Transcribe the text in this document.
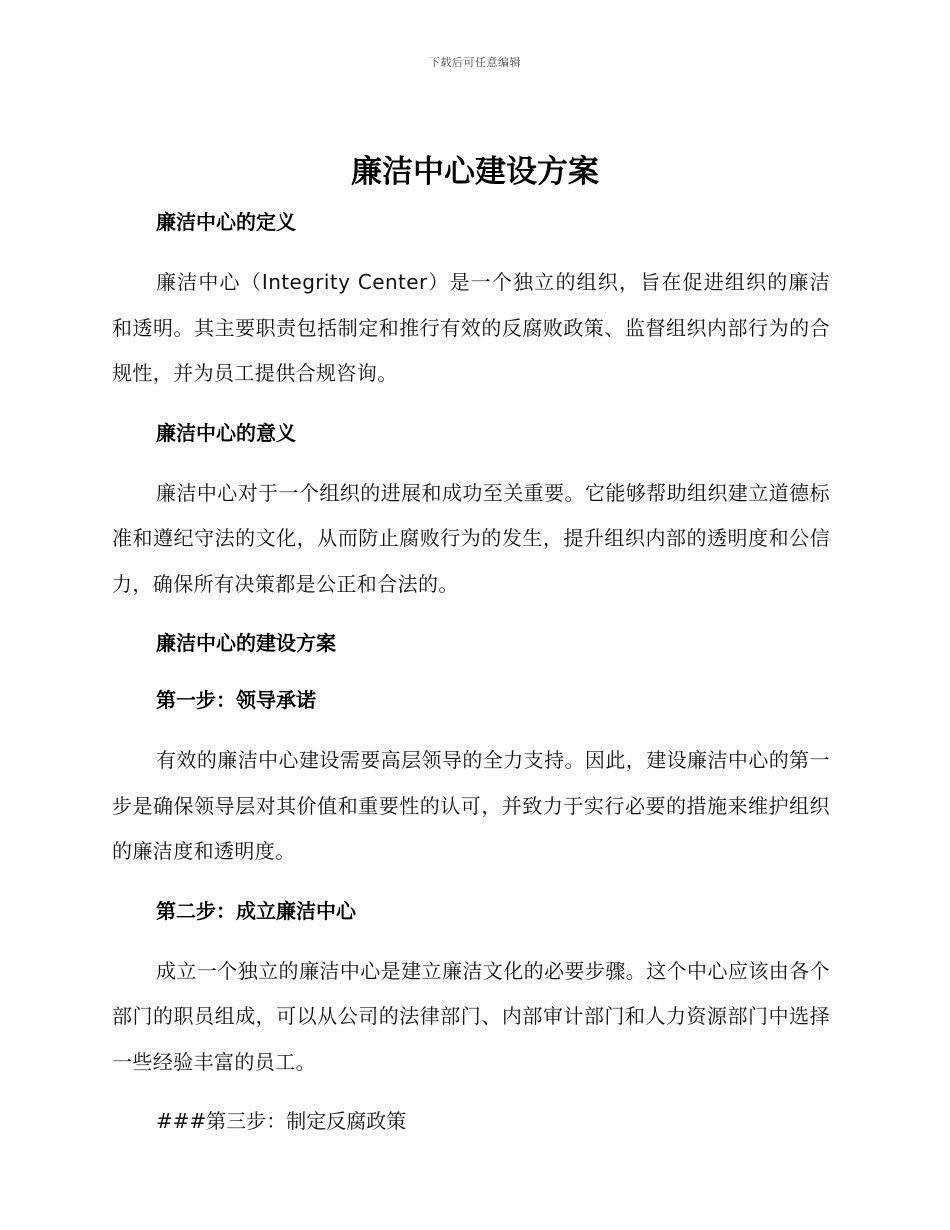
下载后可任意编辑
廉洁中心建设方案

廉洁中心的定义

廉洁中心（Integrity Center）是一个独立的组织，旨在促进组织的廉洁和透明。其主要职责包括制定和推行有效的反腐败政策、监督组织内部行为的合规性，并为员工提供合规咨询。

廉洁中心的意义

廉洁中心对于一个组织的进展和成功至关重要。它能够帮助组织建立道德标准和遵纪守法的文化，从而防止腐败行为的发生，提升组织内部的透明度和公信力，确保所有决策都是公正和合法的。

廉洁中心的建设方案

第一步：领导承诺

有效的廉洁中心建设需要高层领导的全力支持。因此，建设廉洁中心的第一步是确保领导层对其价值和重要性的认可，并致力于实行必要的措施来维护组织的廉洁度和透明度。

第二步：成立廉洁中心

成立一个独立的廉洁中心是建立廉洁文化的必要步骤。这个中心应该由各个部门的职员组成，可以从公司的法律部门、内部审计部门和人力资源部门中选择一些经验丰富的员工。

###第三步：制定反腐政策
